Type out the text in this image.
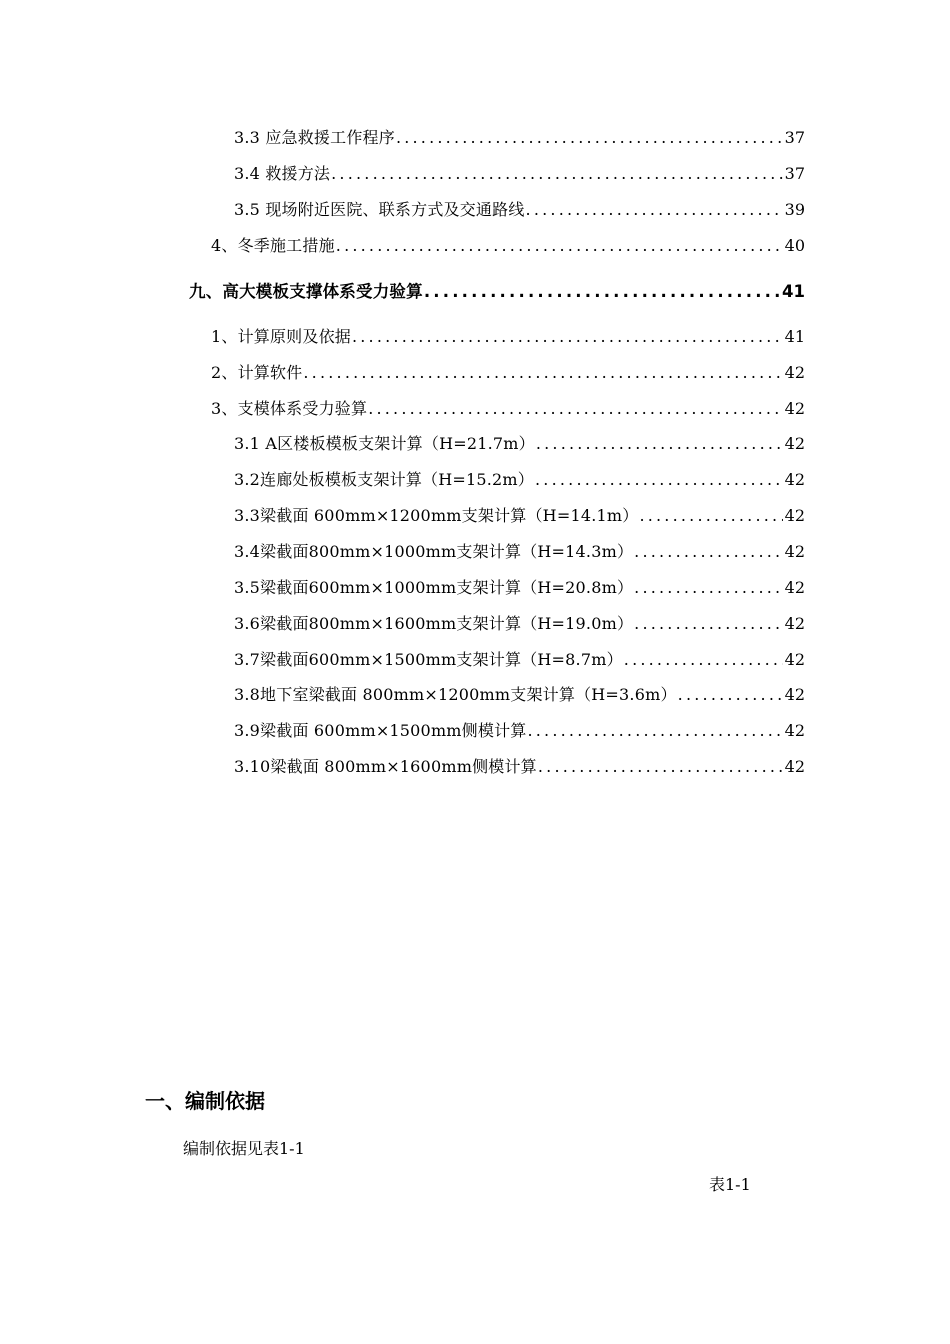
3.3 应急救援工作程序 .....	37
3.4 救援方法 .....	37
3.5 现场附近医院、联系方式及交通路线 .....	39
4、冬季施工措施 .....	40
九、高大模板支撑体系受力验算 .....	41
1、计算原则及依据 .....	41
2、计算软件 .....	42
3、支模体系受力验算 .....	42
3.1 A区楼板模板支架计算（H=21.7m） .....	42
3.2连廊处板模板支架计算（H=15.2m） .....	42
3.3梁截面 600mm×1200mm支架计算（H=14.1m） .....	42
3.4梁截面800mm×1000mm支架计算（H=14.3m） .....	42
3.5梁截面600mm×1000mm支架计算（H=20.8m） .....	42
3.6梁截面800mm×1600mm支架计算（H=19.0m） .....	42
3.7梁截面600mm×1500mm支架计算（H=8.7m） .....	42
3.8地下室梁截面 800mm×1200mm支架计算（H=3.6m） .....	42
3.9梁截面 600mm×1500mm侧模计算 .....	42
3.10梁截面 800mm×1600mm侧模计算 .....	42
一、编制依据

编制依据见表1-1

表1-1
